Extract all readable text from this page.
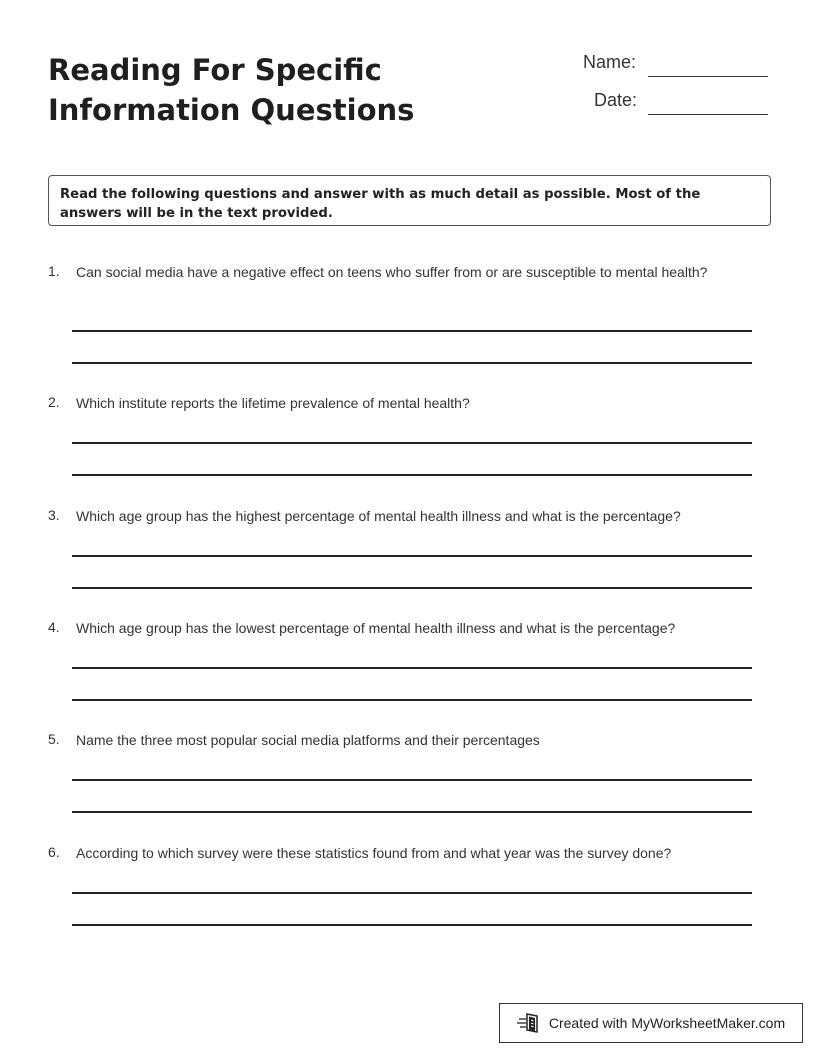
Reading For Specific
Information Questions
Name:
Date:
Read the following questions and answer with as much detail as possible. Most of the answers will be in the text provided.
1. Can social media have a negative effect on teens who suffer from or are susceptible to mental health?
2. Which institute reports the lifetime prevalence of mental health?
3. Which age group has the highest percentage of mental health illness and what is the percentage?
4. Which age group has the lowest percentage of mental health illness and what is the percentage?
5. Name the three most popular social media platforms and their percentages
6. According to which survey were these statistics found from and what year was the survey done?
Created with MyWorksheetMaker.com
